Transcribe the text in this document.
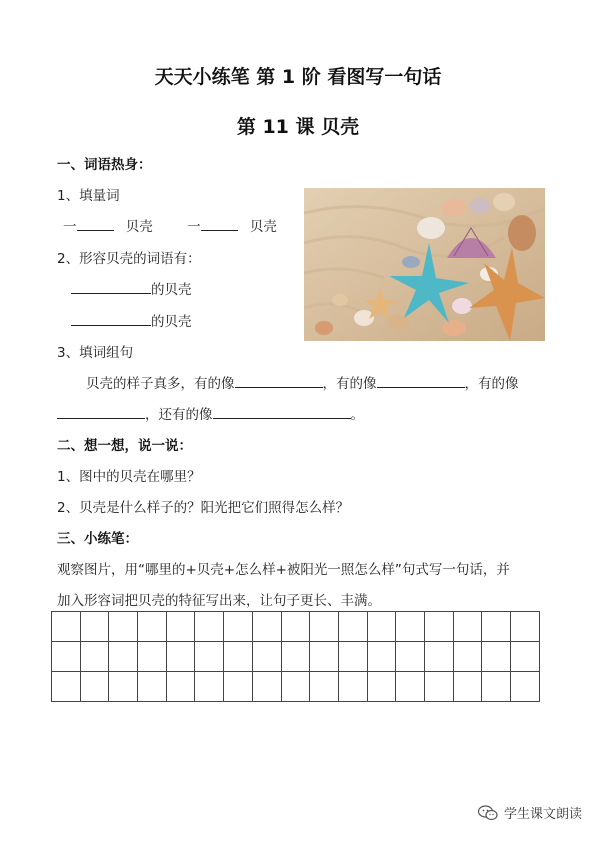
天天小练笔 第 1 阶 看图写一句话
第 11 课 贝壳
一、词语热身：
1、填量词
一	贝壳	一	贝壳
2、形容贝壳的词语有：
的贝壳
的贝壳
3、填词组句
贝壳的样子真多，有的像	，有的像	，有的像
，还有的像	。
二、想一想，说一说：
1、图中的贝壳在哪里？
2、贝壳是什么样子的？阳光把它们照得怎么样？
三、小练笔：
观察图片，用“哪里的+贝壳+怎么样+被阳光一照怎么样”句式写一句话，并
加入形容词把贝壳的特征写出来，让句子更长、丰满。

学生课文朗读
